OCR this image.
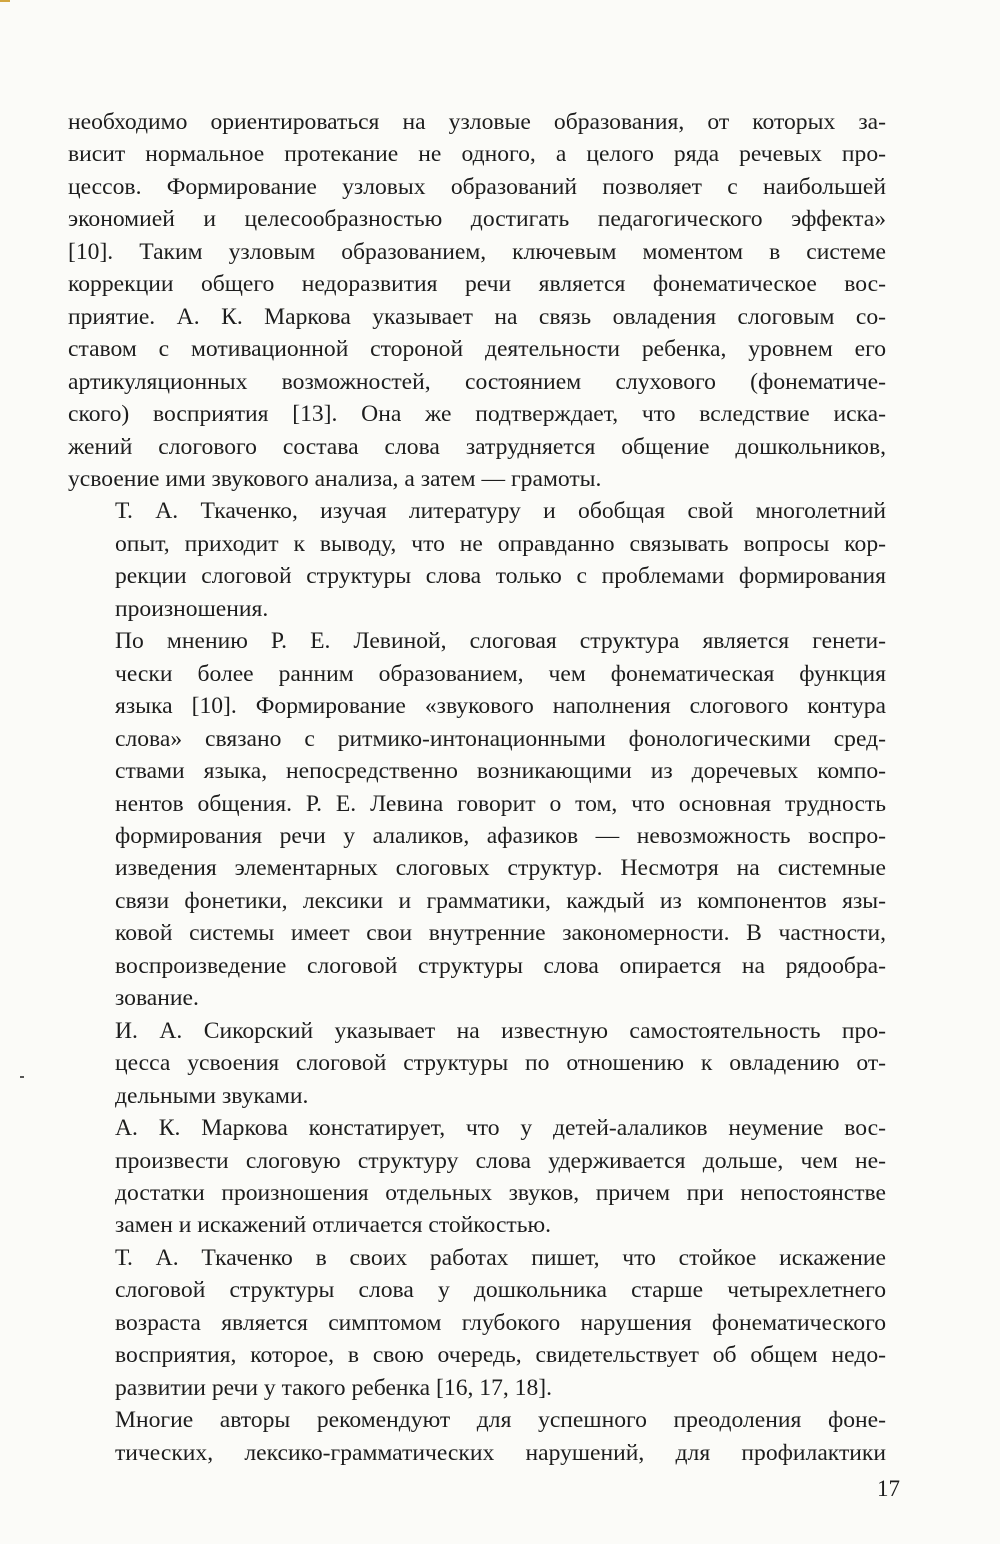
необходимо ориентироваться на узловые образования, от которых за-
висит нормальное протекание не одного, а целого ряда речевых про-
цессов. Формирование узловых образований позволяет с наибольшей
экономией и целесообразностью достигать педагогического эффекта»
[10]. Таким узловым образованием, ключевым моментом в системе
коррекции общего недоразвития речи является фонематическое вос-
приятие. А. К. Маркова указывает на связь овладения слоговым со-
ставом с мотивационной стороной деятельности ребенка, уровнем его
артикуляционных возможностей, состоянием слухового (фонематиче-
ского) восприятия [13]. Она же подтверждает, что вследствие иска-
жений слогового состава слова затрудняется общение дошкольников,
усвоение ими звукового анализа, а затем — грамоты.
Т. А. Ткаченко, изучая литературу и обобщая свой многолетний
опыт, приходит к выводу, что не оправданно связывать вопросы кор-
рекции слоговой структуры слова только с проблемами формирования
произношения.
По мнению Р. Е. Левиной, слоговая структура является генети-
чески более ранним образованием, чем фонематическая функция
языка [10]. Формирование «звукового наполнения слогового контура
слова» связано с ритмико-интонационными фонологическими сред-
ствами языка, непосредственно возникающими из доречевых компо-
нентов общения. Р. Е. Левина говорит о том, что основная трудность
формирования речи у алаликов, афазиков — невозможность воспро-
изведения элементарных слоговых структур. Несмотря на системные
связи фонетики, лексики и грамматики, каждый из компонентов язы-
ковой системы имеет свои внутренние закономерности. В частности,
воспроизведение слоговой структуры слова опирается на рядообра-
зование.
И. А. Сикорский указывает на известную самостоятельность про-
цесса усвоения слоговой структуры по отношению к овладению от-
дельными звуками.
А. К. Маркова констатирует, что у детей-алаликов неумение вос-
произвести слоговую структуру слова удерживается дольше, чем не-
достатки произношения отдельных звуков, причем при непостоянстве
замен и искажений отличается стойкостью.
Т. А. Ткаченко в своих работах пишет, что стойкое искажение
слоговой структуры слова у дошкольника старше четырехлетнего
возраста является симптомом глубокого нарушения фонематического
восприятия, которое, в свою очередь, свидетельствует об общем недо-
развитии речи у такого ребенка [16, 17, 18].
Многие авторы рекомендуют для успешного преодоления фоне-
тических, лексико-грамматических нарушений, для профилактики
17
